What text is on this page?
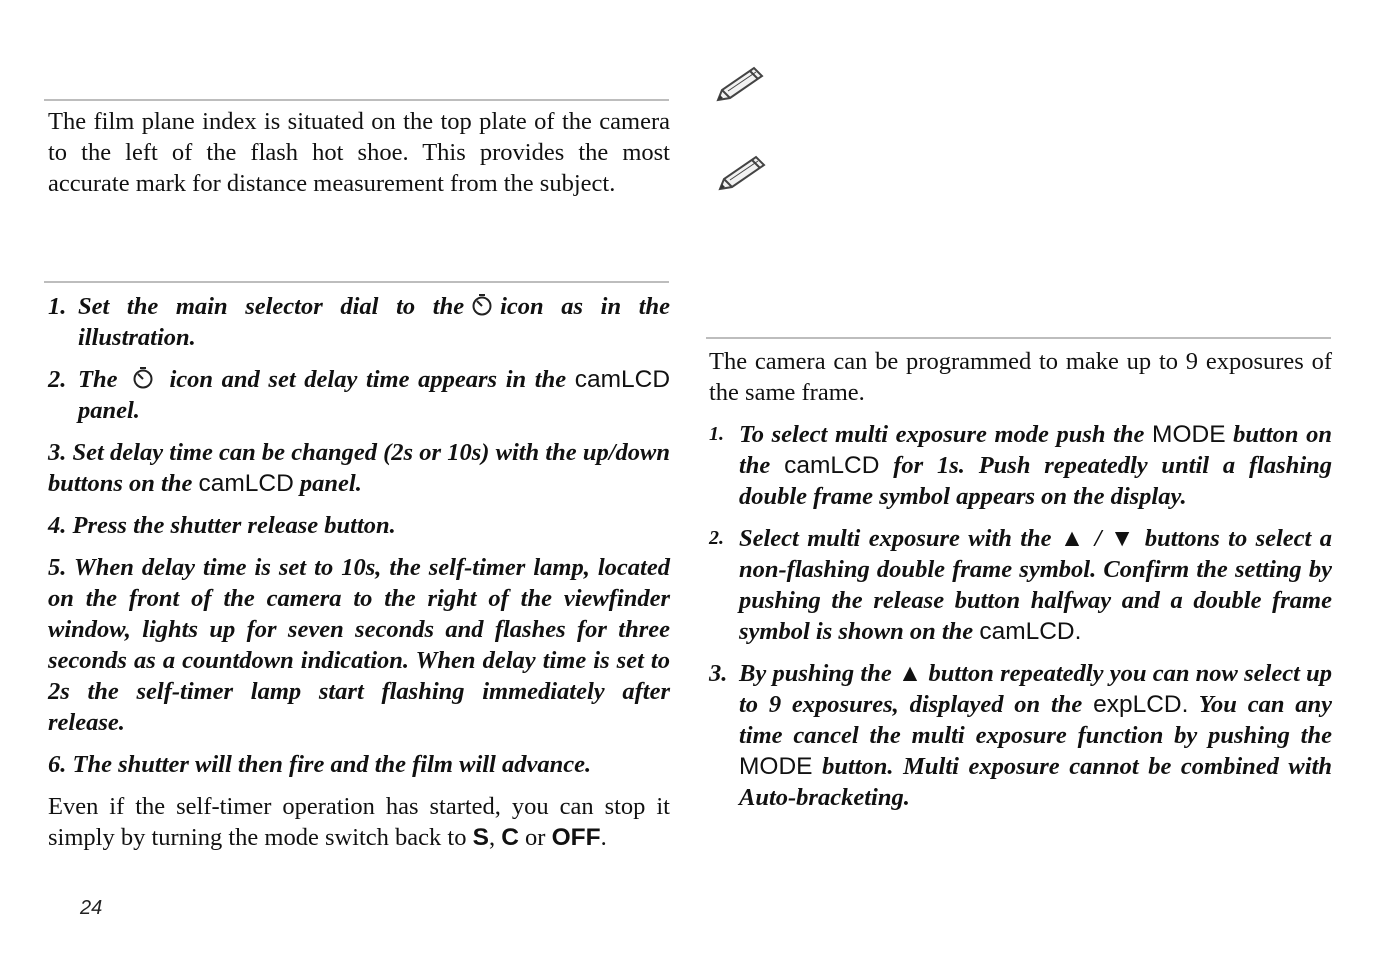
The film plane index is situated on the top plate of the camera to the left of the flash hot shoe. This provides the most accurate mark for distance measurement from the subject.

1. Set the main selector dial to the icon as in the illustration.
2. The icon and set delay time appears in the camLCD panel.

3. Set delay time can be changed (2s or 10s) with the up/down buttons on the camLCD panel.

4. Press the shutter release button.

5. When delay time is set to 10s, the self-timer lamp, located on the front of the camera to the right of the viewfinder window, lights up for seven seconds and flashes for three seconds as a countdown indication. When delay time is set to 2s the self-timer lamp start flashing immediately after release.

6. The shutter will then fire and the film will advance.

Even if the self-timer operation has started, you can stop it simply by turning the mode switch back to S, C or OFF.

The camera can be programmed to make up to 9 exposures of the same frame.

1. To select multi exposure mode push the MODE button on the camLCD for 1s. Push repeatedly until a flashing double frame symbol appears on the display.
2. Select multi exposure with the ▲ / ▼ buttons to select a non-flashing double frame symbol. Confirm the setting by pushing the release button halfway and a double frame symbol is shown on the camLCD.
3. By pushing the ▲ button repeatedly you can now select up to 9 exposures, displayed on the expLCD. You can any time cancel the multi exposure function by pushing the MODE button. Multi exposure cannot be combined with Auto-bracketing.
24
